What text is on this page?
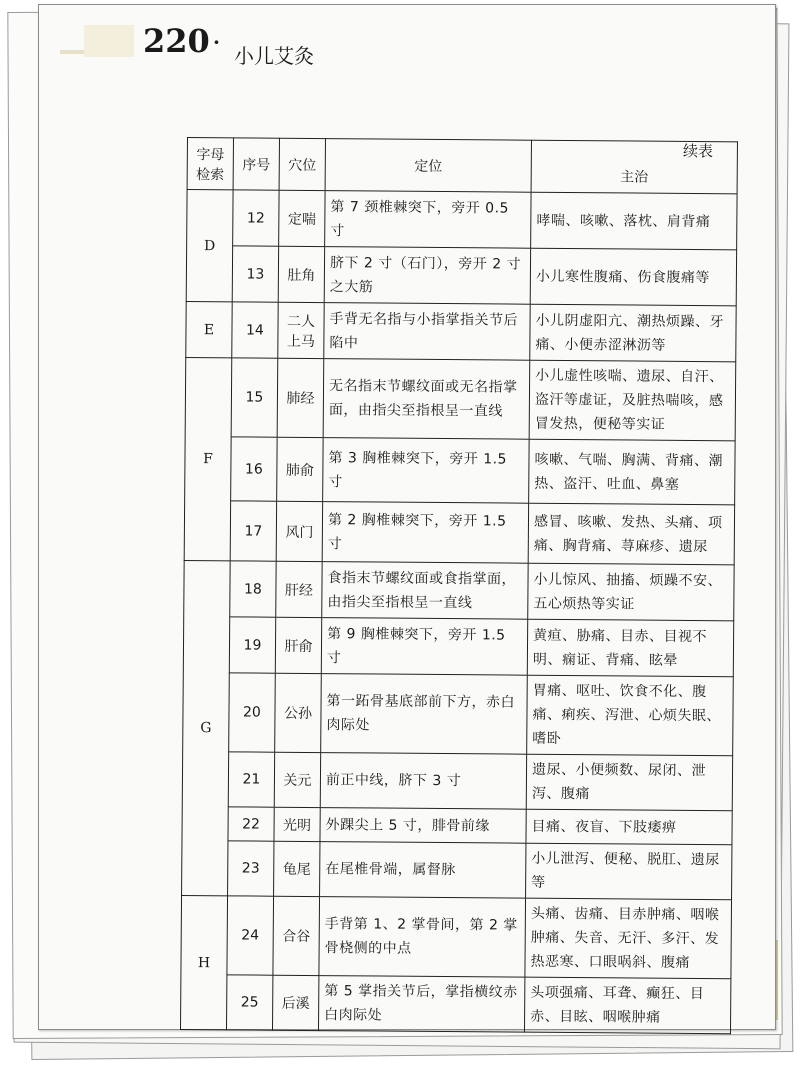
220 ·
小儿艾灸
续表
字母检索	序号	穴位	定位	主治
D	12	定喘	第 7 颈椎棘突下，旁开 0.5 寸	哮喘、咳嗽、落枕、肩背痛
	13	肚角	脐下 2 寸（石门），旁开 2 寸之大筋	小儿寒性腹痛、伤食腹痛等
E	14	二人上马	手背无名指与小指掌指关节后陷中	小儿阴虚阳亢、潮热烦躁、牙痛、小便赤涩淋沥等
F	15	肺经	无名指末节螺纹面或无名指掌面，由指尖至指根呈一直线	小儿虚性咳喘、遗尿、自汗、盗汗等虚证，及脏热喘咳，感冒发热，便秘等实证
	16	肺俞	第 3 胸椎棘突下，旁开 1.5 寸	咳嗽、气喘、胸满、背痛、潮热、盗汗、吐血、鼻塞
	17	风门	第 2 胸椎棘突下，旁开 1.5 寸	感冒、咳嗽、发热、头痛、项痛、胸背痛、荨麻疹、遗尿
G	18	肝经	食指末节螺纹面或食指掌面，由指尖至指根呈一直线	小儿惊风、抽搐、烦躁不安、五心烦热等实证
	19	肝俞	第 9 胸椎棘突下，旁开 1.5 寸	黄疸、胁痛、目赤、目视不明、痫证、背痛、眩晕
	20	公孙	第一跖骨基底部前下方，赤白肉际处	胃痛、呕吐、饮食不化、腹痛、痢疾、泻泄、心烦失眠、嗜卧
	21	关元	前正中线，脐下 3 寸	遗尿、小便频数、尿闭、泄泻、腹痛
	22	光明	外踝尖上 5 寸，腓骨前缘	目痛、夜盲、下肢痿痹
	23	龟尾	在尾椎骨端，属督脉	小儿泄泻、便秘、脱肛、遗尿等
H	24	合谷	手背第 1、2 掌骨间，第 2 掌骨桡侧的中点	头痛、齿痛、目赤肿痛、咽喉肿痛、失音、无汗、多汗、发热恶寒、口眼㖞斜、腹痛
	25	后溪	第 5 掌指关节后，掌指横纹赤白肉际处	头项强痛、耳聋、癫狂、目赤、目眩、咽喉肿痛
